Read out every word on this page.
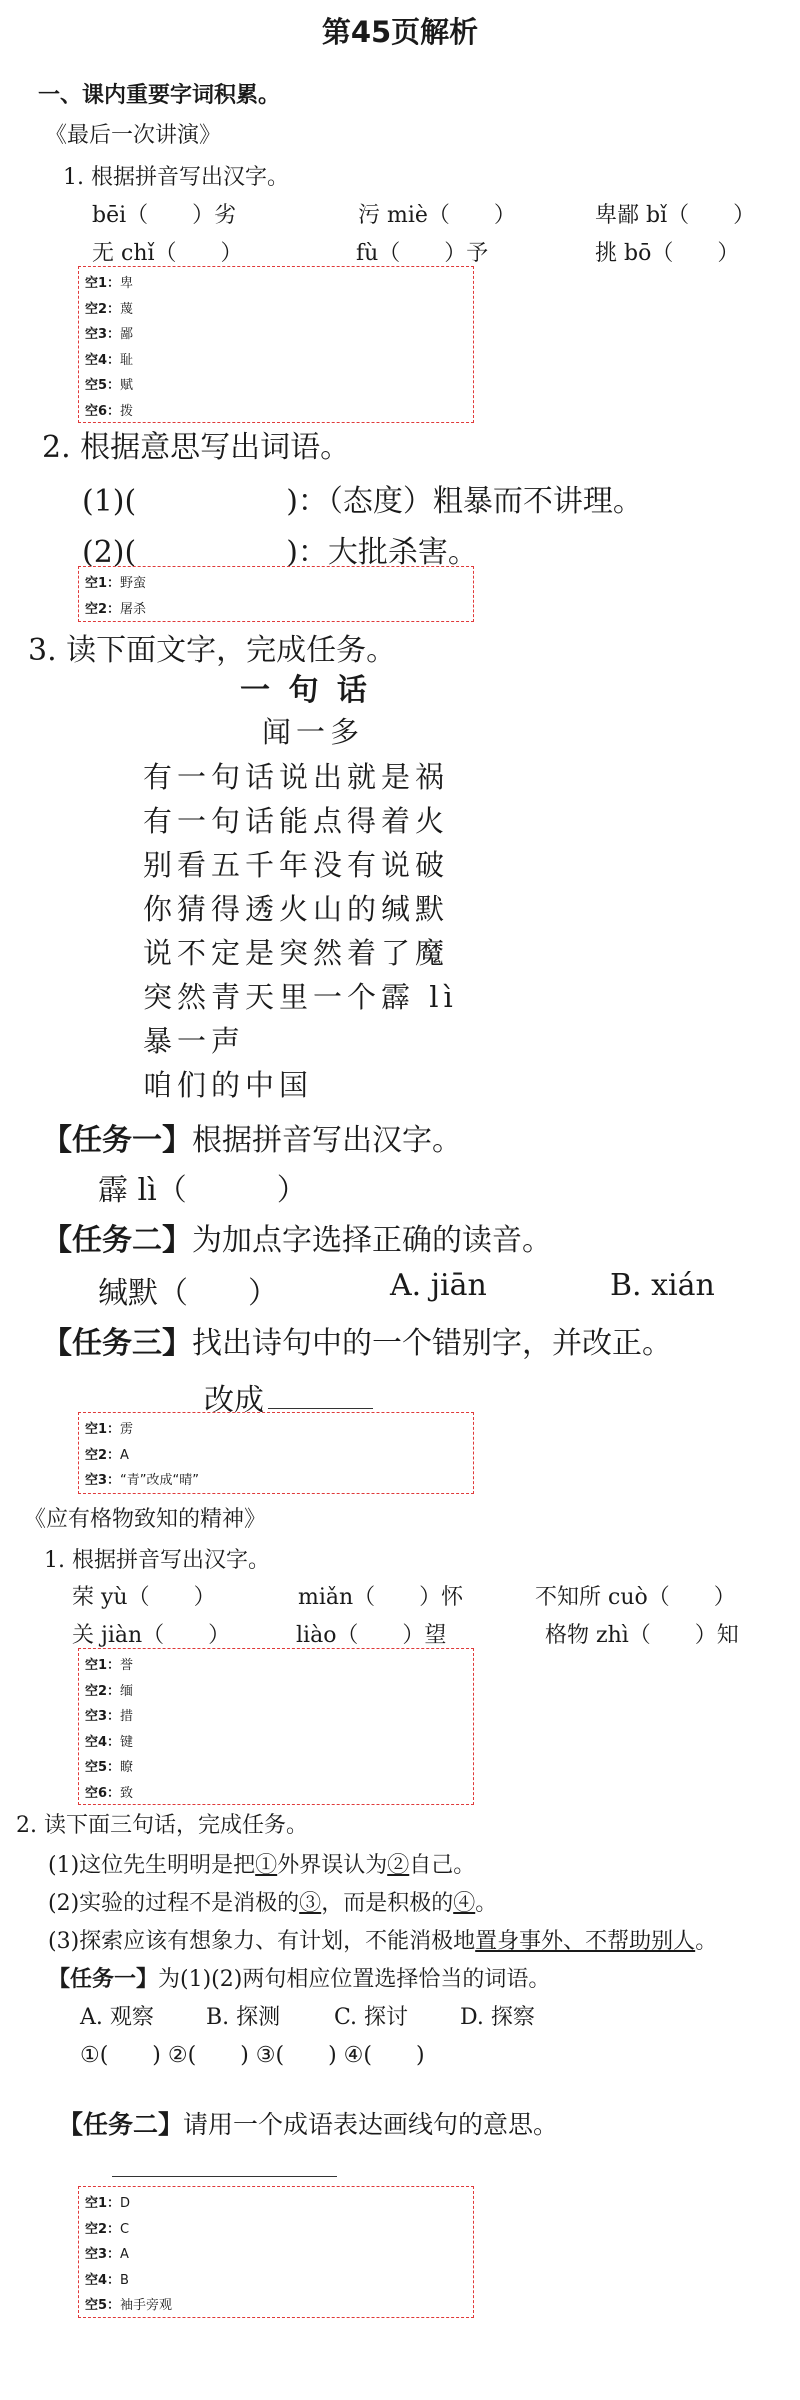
第45页解析
一、课内重要字词积累。
《最后一次讲演》
1. 根据拼音写出汉字。
bēi（　　）劣	污 miè（　　）	卑鄙 bǐ（　　）
无 chǐ（　　）	fù（　　）予	挑 bō（　　）
空1：卑
空2：蔑
空3：鄙
空4：耻
空5：赋
空6：拨
2. 根据意思写出词语。
(1)(　　　　　)：（态度）粗暴而不讲理。
(2)(　　　　　)：大批杀害。
空1：野蛮
空2：屠杀
3. 读下面文字，完成任务。
一 句 话
闻一多
有一句话说出就是祸
有一句话能点得着火
别看五千年没有说破
你猜得透火山的缄默
说不定是突然着了魔
突然青天里一个霹 lì
暴一声
咱们的中国
【任务一】根据拼音写出汉字。
霹 lì（　　　）
【任务二】为加点字选择正确的读音。
缄默（　　）	A. jiān	B. xián
【任务三】找出诗句中的一个错别字，并改正。
改成
空1：雳
空2：A
空3：“青”改成“晴”
《应有格物致知的精神》
1. 根据拼音写出汉字。
荣 yù（　　）	miǎn（　　）怀	不知所 cuò（　　）
关 jiàn（　　）	liào（　　）望	格物 zhì（　　）知
空1：誉
空2：缅
空3：措
空4：键
空5：瞭
空6：致
2. 读下面三句话，完成任务。
(1)这位先生明明是把①外界误认为②自己。
(2)实验的过程不是消极的③，而是积极的④。
(3)探索应该有想象力、有计划，不能消极地置身事外、不帮助别人。
【任务一】为(1)(2)两句相应位置选择恰当的词语。
A. 观察 B. 探测 C. 探讨 D. 探察
①(　　) ②(　　) ③(　　) ④(　　)
【任务二】请用一个成语表达画线句的意思。
空1：D
空2：C
空3：A
空4：B
空5：袖手旁观
